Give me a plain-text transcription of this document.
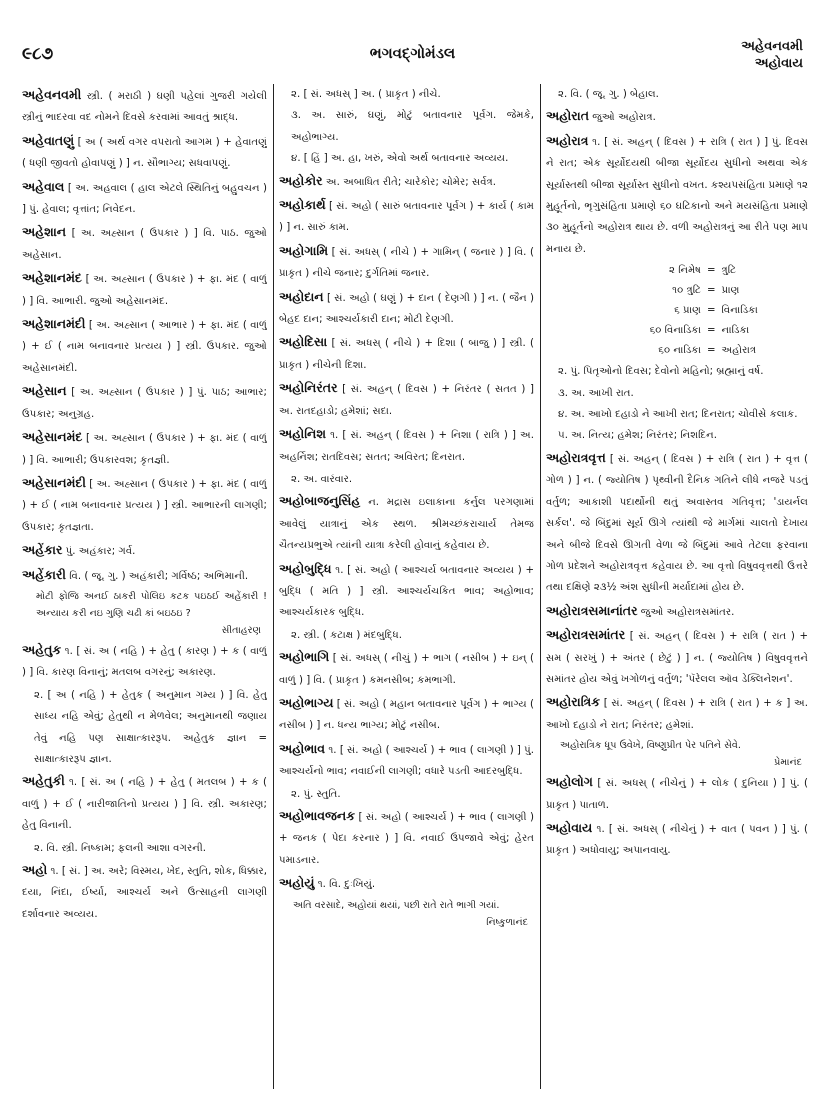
૯૮૭	ભગવદ્ગોમંડલ	અહેવનવમી
અહોવાય
અહેવનવમી સ્ત્રી. ( મરાઠી ) ઘણી પહેલાં ગુજરી ગયેલી સ્ત્રીનું ભાદરવા વદ નોમને દિવસે કરવામાં આવતું શ્રાદ્ધ.
અહેવાતણું [ અ ( અર્થ વગર વપરાતો આગમ ) + હેવાતણું ( ધણી જીવતો હોવાપણું ) ] ન. સૌભાગ્ય; સધવાપણું.
અહેવાલ [ અ. અહવાલ ( હાલ એટલે સ્થિતિનું બહુવચન ) ] પું. હેવાલ; વૃત્તાંત; નિવેદન.
અહેશાન [ અ. અહ્સાન ( ઉપકાર ) ] વિ. પાઠ. જુઓ અહેસાન.
અહેશાનમંદ [ અ. અહ્સાન ( ઉપકાર ) + ફા. મંદ ( વાળું ) ] વિ. આભારી. જુઓ અહેસાનમંદ.
અહેશાનમંદી [ અ. અહ્સાન ( આભાર ) + ફા. મંદ ( વાળું ) + ઈ ( નામ બનાવનાર પ્રત્યય ) ] સ્ત્રી. ઉપકાર. જુઓ અહેસાનમંદી.
અહેસાન [ અ. અહ્સાન ( ઉપકાર ) ] પું. પાઠ; આભાર; ઉપકાર; અનુગ્રહ.
અહેસાનમંદ [ અ. અહ્સાન ( ઉપકાર ) + ફા. મંદ ( વાળું ) ] વિ. આભારી; ઉપકારવશ; કૃતજ્ઞી.
અહેસાનમંદી [ અ. અહ્સાન ( ઉપકાર ) + ફા. મંદ ( વાળું ) + ઈ ( નામ બનાવનાર પ્રત્યય ) ] સ્ત્રી. આભારની લાગણી; ઉપકાર; કૃતજ્ઞતા.
અહેંકાર પું. અહંકાર; ગર્વ.
અહેંકારી વિ. ( જૂ. ગુ. ) અહંકારી; ગર્વિષ્ઠ; અભિમાની.
મોટી ફોજિ અનઈ ઠાકરી પોલિઇ કટક પઇઠઈ અહેંકારી ! અન્યાય કરી નઇ ગુણિ ચઢી કાં બઇઠઇ ?
સીતાહરણ
અહેતુક ૧. [ સં. અ ( નહિ ) + હેતુ ( કારણ ) + ક ( વાળું ) ] વિ. કારણ વિનાનું; મતલબ વગરનું; અકારણ.
૨. [ અ ( નહિ ) + હેતુક ( અનુમાન ગમ્ય ) ] વિ. હેતુ સાધ્ય નહિ એવું; હેતુથી ન મેળવેલ; અનુમાનથી જણાય તેવું નહિ પણ સાક્ષાત્કારરૂપ. અહેતુક જ્ઞાન = સાક્ષાત્કારરૂપ જ્ઞાન.
અહેતુકી ૧. [ સં. અ ( નહિ ) + હેતુ ( મતલબ ) + ક ( વાળું ) + ઈ ( નારીજાતિનો પ્રત્યય ) ] વિ. સ્ત્રી. અકારણ; હેતુ વિનાની.
૨. વિ. સ્ત્રી. નિષ્કામ; ફલની આશા વગરની.
અહો ૧. [ સં. ] અ. અરે; વિસ્મય, ખેદ, સ્તુતિ, શોક, ધિક્કાર, દયા, નિંદા, ઈર્ષ્યા, આશ્ચર્ય અને ઉત્સાહની લાગણી દર્શાવનાર અવ્યય.
૨. [ સં. અધસ્ ] અ. ( પ્રાકૃત ) નીચે.
૩. અ. સારું, ઘણું, મોટું બતાવનાર પૂર્વગ. જેમકે, અહોભાગ્ય.
૪. [ હિં ] અ. હા, ખરું, એવો અર્થ બતાવનાર અવ્યય.
અહોકોર અ. અબાધિત રીતે; ચારેકોર; ચોમેર; સર્વત્ર.
અહોકાર્થ [ સં. અહો ( સારું બતાવનાર પૂર્વગ ) + કાર્ય ( કામ ) ] ન. સારું કામ.
અહોગામિ [ સં. અધસ્ ( નીચે ) + ગામિન્ ( જનાર ) ] વિ. ( પ્રાકૃત ) નીચે જનાર; દુર્ગતિમાં જનાર.
અહોદાન [ સં. અહો ( ઘણું ) + દાન ( દેણગી ) ] ન. ( જૈન ) બેહદ દાન; આશ્ચર્યકારી દાન; મોટી દેણગી.
અહોદિસા [ સં. અધસ્ ( નીચે ) + દિશા ( બાજુ ) ] સ્ત્રી. ( પ્રાકૃત ) નીચેની દિશા.
અહોનિરંતર [ સં. અહન્ ( દિવસ ) + નિરંતર ( સતત ) ] અ. રાતદહાડો; હમેશાં; સદા.
અહોનિશ ૧. [ સં. અહન્ ( દિવસ ) + નિશા ( રાત્રિ ) ] અ. અહર્નિશ; રાતદિવસ; સતત; અવિરત; દિનરાત.
૨. અ. વારંવાર.
અહોબાજનુસિંહ ન. મદ્રાસ ઇલાકાના કર્નુલ પરગણામાં આવેલું યાત્રાનું એક સ્થળ. શ્રીમચ્છંકરાચાર્ય તેમજ ચૈતન્યપ્રભુએ ત્યાંની યાત્રા કરેલી હોવાનું કહેવાય છે.
અહોબુદ્ધિ ૧. [ સં. અહો ( આશ્ચર્ય બતાવનાર અવ્યય ) + બુદ્ધિ ( મતિ ) ] સ્ત્રી. આશ્ચર્યચકિત ભાવ; અહોભાવ; આશ્ચર્યકારક બુદ્ધિ.
૨. સ્ત્રી. ( કટાક્ષ ) મંદબુદ્ધિ.
અહોભાગિ [ સં. અધસ્ ( નીચું ) + ભાગ ( નસીબ ) + ઇન્ ( વાળું ) ] વિ. ( પ્રાકૃત ) કમનસીબ; કમભાગી.
અહોભાગ્ય [ સં. અહો ( મહાન બતાવનાર પૂર્વગ ) + ભાગ્ય ( નસીબ ) ] ન. ધન્ય ભાગ્ય; મોટું નસીબ.
અહોભાવ ૧. [ સં. અહો ( આશ્ચર્ય ) + ભાવ ( લાગણી ) ] પું. આશ્ચર્યનો ભાવ; નવાઈની લાગણી; વધારે પડતી આદરબુદ્ધિ.
૨. પું. સ્તુતિ.
અહોભાવજનક [ સં. અહો ( આશ્ચર્ય ) + ભાવ ( લાગણી ) + જનક ( પેદા કરનાર ) ] વિ. નવાઈ ઉપજાવે એવું; હેરત પમાડનાર.
અહોયું ૧. વિ. દુઃખિયું.
અતિ વરસાદે, અહોયાં થયાં, પછી રાતે રાતે ભાગી ગયાં.
નિષ્કુળાનંદ
૨. વિ. ( જૂ. ગુ. ) બેહાલ.
અહોરાત જુઓ અહોરાત્ર.
અહોરાત્ર ૧. [ સં. અહન્ ( દિવસ ) + રાત્રિ ( રાત ) ] પું. દિવસ ને રાત; એક સૂર્યોદયથી બીજા સૂર્યોદય સુધીનો અથવા એક સૂર્યાસ્તથી બીજા સૂર્યાસ્ત સુધીનો વખત. કશ્યપસંહિતા પ્રમાણે ૧૨ મુહૂર્તનો, ભૃગુસંહિતા પ્રમાણે ૬૦ ઘટિકાનો અને મયસંહિતા પ્રમાણે ૩૦ મુહૂર્તનો અહોરાત્ર થાય છે. વળી અહોરાત્રનું આ રીતે પણ માપ મનાય છે.
૨ નિમેષ = ત્રુટિ
૧૦ ત્રુટિ = પ્રાણ
૬ પ્રાણ = વિનાડિકા
૬૦ વિનાડિકા = નાડિકા
૬૦ નાડિકા = અહોરાત્ર
૨. પું. પિતૃઓનો દિવસ; દેવોનો મહિનો; બ્રહ્માનું વર્ષ.
૩. અ. આખી રાત.
૪. અ. આખો દહાડો ને આખી રાત; દિનરાત; ચોવીસે કલાક.
૫. અ. નિત્ય; હમેશ; નિરંતર; નિશદિન.
અહોરાત્રવૃત્ત [ સં. અહન્ ( દિવસ ) + રાત્રિ ( રાત ) + વૃત્ત ( ગોળ ) ] ન. ( જ્યોતિષ ) પૃથ્વીની દૈનિક ગતિને લીધે નજરે પડતું વર્તુળ; આકાશી પદાર્થોની થતું અવાસ્તવ ગતિવૃત્ત; 'ડાયર્નલ સર્કલ'. જે બિંદુમાં સૂર્ય ઊગે ત્યાંથી જે માર્ગમાં ચાલતો દેખાય અને બીજે દિવસે ઊગતી વેળા જે બિંદુમાં આવે તેટલા ફરવાના ગોળ પ્રદેશને અહોરાત્રવૃત્ત કહેવાય છે. આ વૃત્તો વિષુવવૃત્તથી ઉત્તરે તથા દક્ષિણે ૨૩½ અંશ સુધીની મર્યાદામાં હોય છે.
અહોરાત્રસમાનાંતર જુઓ અહોરાત્રસમાંતર.
અહોરાત્રસમાંતર [ સં. અહન્ ( દિવસ ) + રાત્રિ ( રાત ) + સમ ( સરખું ) + અંતર ( છેટું ) ] ન. ( જ્યોતિષ ) વિષુવવૃત્તને સમાંતર હોય એવું ખગોળનું વર્તુળ; 'પૅરેલલ ઑવ ડેક્લિનેશન'.
અહોરાત્રિક [ સં. અહન્ ( દિવસ ) + રાત્રિ ( રાત ) + ક ] અ. આખો દહાડો ને રાત; નિરંતર; હમેશાં.
અહોરાત્રિક ધૂપ ઉવેખે, વિષ્ણુપ્રીત પેર પતિને સેવે.
પ્રેમાનંદ
અહોલોગ [ સં. અધસ્ ( નીચેનું ) + લોક ( દુનિયા ) ] પું. ( પ્રાકૃત ) પાતાળ.
અહોવાય ૧. [ સં. અધસ્ ( નીચેનું ) + વાત ( પવન ) ] પું. ( પ્રાકૃત ) અધોવાયુ; અપાનવાયુ.
